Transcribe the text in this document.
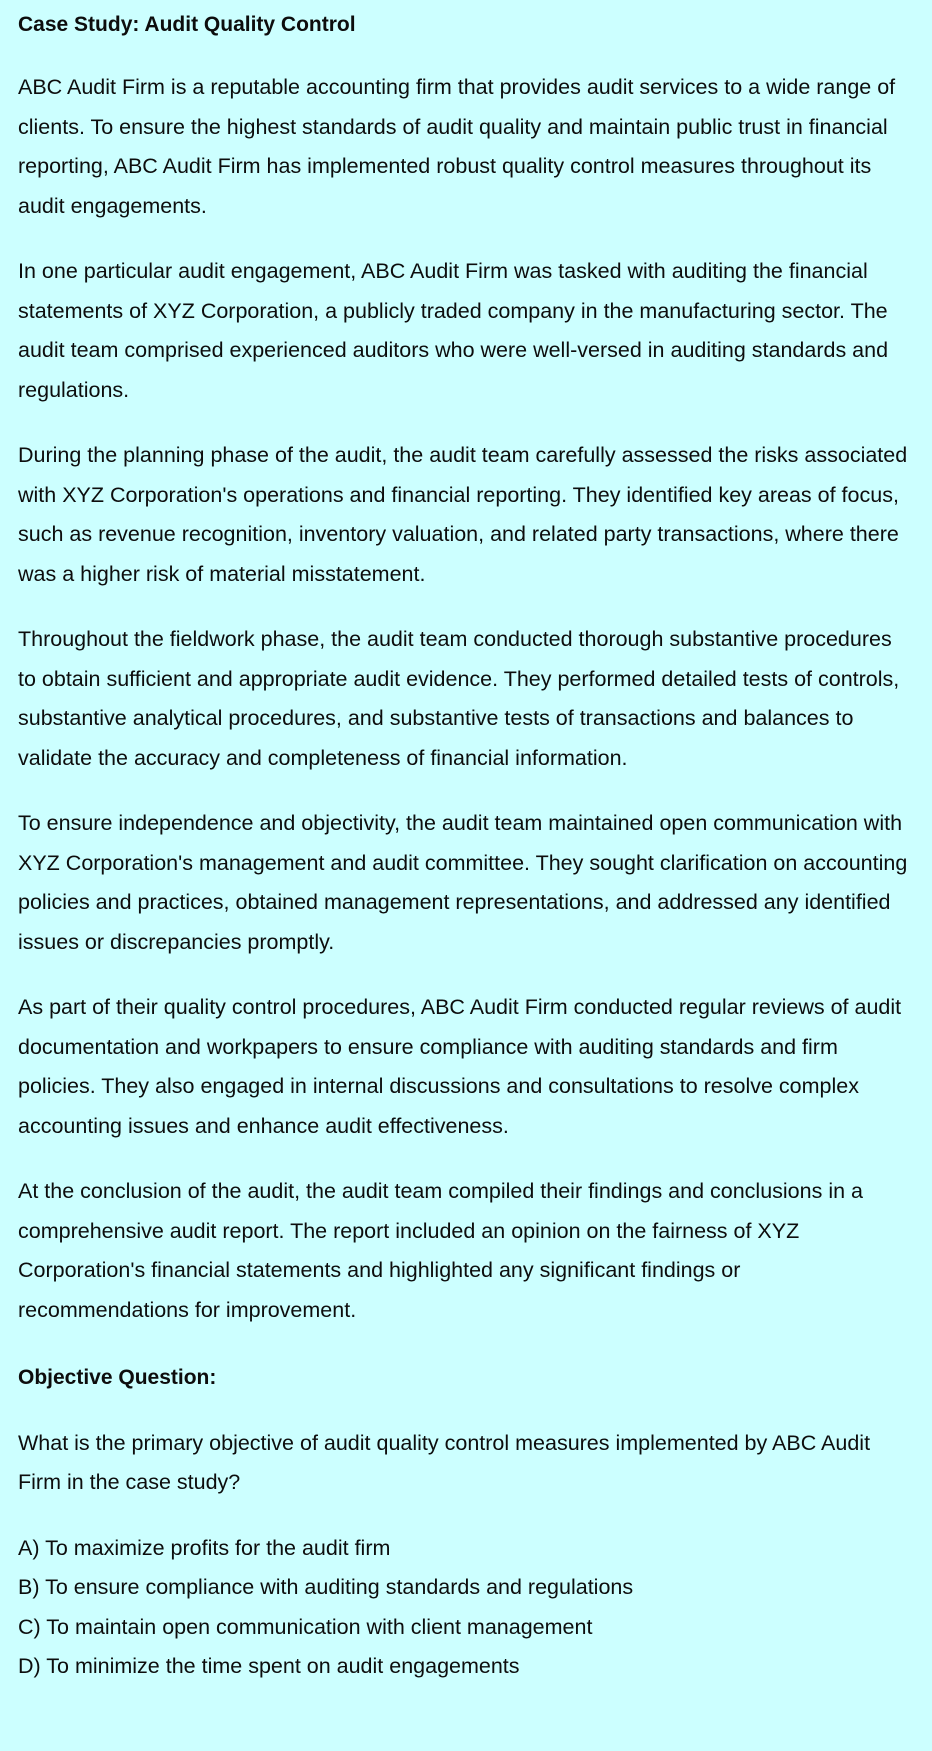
Case Study: Audit Quality Control

ABC Audit Firm is a reputable accounting firm that provides audit services to a wide range of clients. To ensure the highest standards of audit quality and maintain public trust in financial reporting, ABC Audit Firm has implemented robust quality control measures throughout its audit engagements.

In one particular audit engagement, ABC Audit Firm was tasked with auditing the financial statements of XYZ Corporation, a publicly traded company in the manufacturing sector. The audit team comprised experienced auditors who were well-versed in auditing standards and regulations.

During the planning phase of the audit, the audit team carefully assessed the risks associated with XYZ Corporation's operations and financial reporting. They identified key areas of focus, such as revenue recognition, inventory valuation, and related party transactions, where there was a higher risk of material misstatement.

Throughout the fieldwork phase, the audit team conducted thorough substantive procedures to obtain sufficient and appropriate audit evidence. They performed detailed tests of controls, substantive analytical procedures, and substantive tests of transactions and balances to validate the accuracy and completeness of financial information.

To ensure independence and objectivity, the audit team maintained open communication with XYZ Corporation's management and audit committee. They sought clarification on accounting policies and practices, obtained management representations, and addressed any identified issues or discrepancies promptly.

As part of their quality control procedures, ABC Audit Firm conducted regular reviews of audit documentation and workpapers to ensure compliance with auditing standards and firm policies. They also engaged in internal discussions and consultations to resolve complex accounting issues and enhance audit effectiveness.

At the conclusion of the audit, the audit team compiled their findings and conclusions in a comprehensive audit report. The report included an opinion on the fairness of XYZ Corporation's financial statements and highlighted any significant findings or recommendations for improvement.

Objective Question:

What is the primary objective of audit quality control measures implemented by ABC Audit Firm in the case study?

A) To maximize profits for the audit firm
B) To ensure compliance with auditing standards and regulations
C) To maintain open communication with client management
D) To minimize the time spent on audit engagements
